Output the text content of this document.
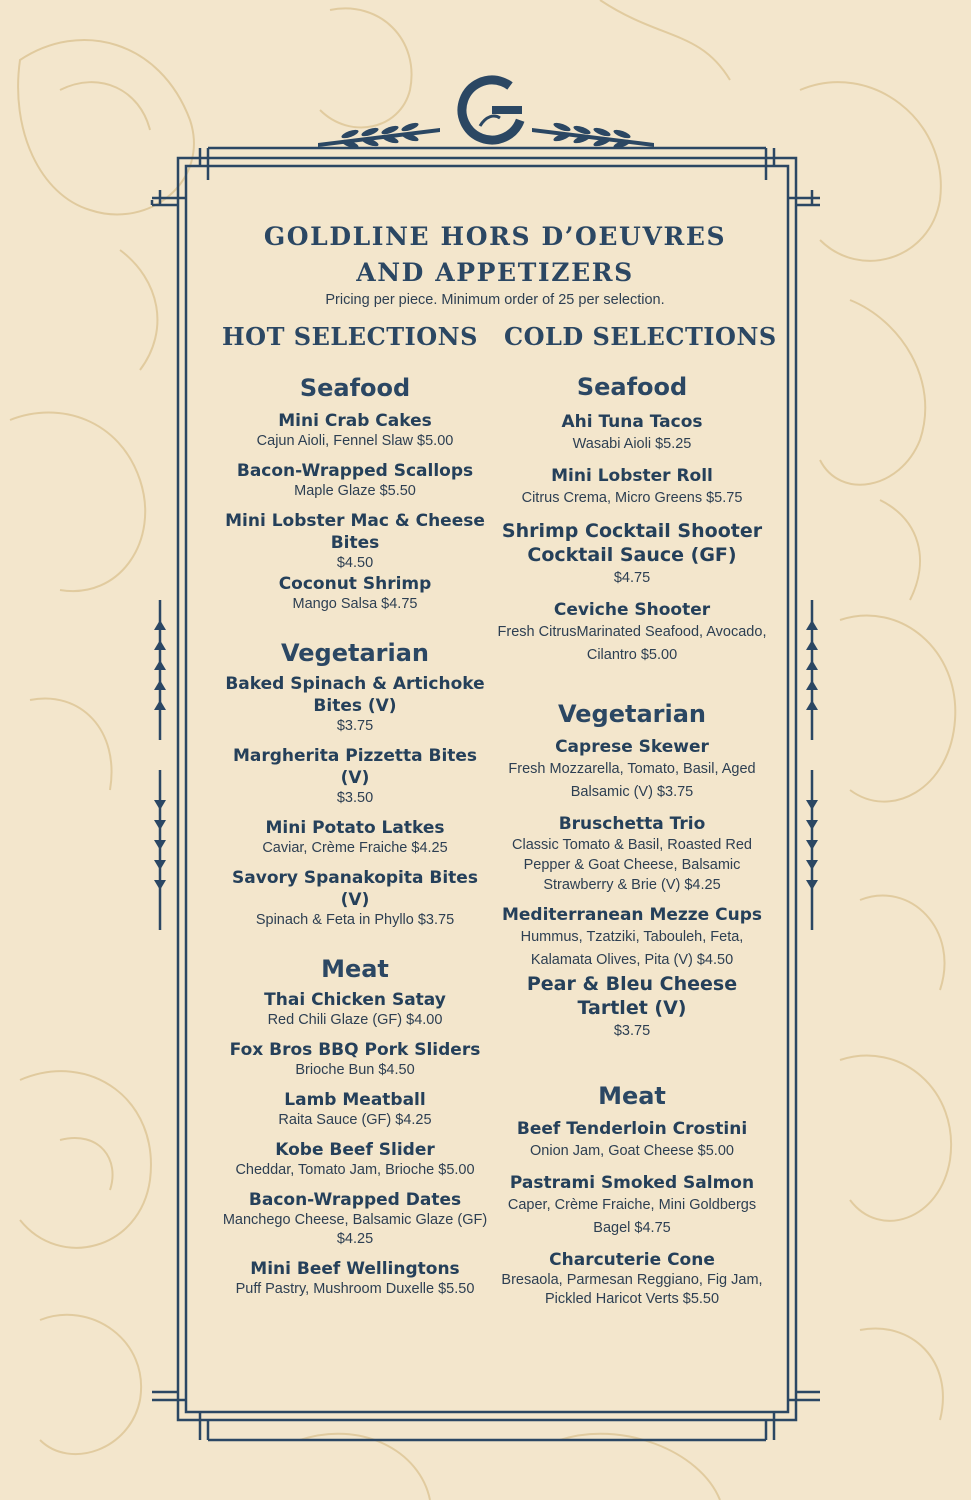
GOLDLINE HORS D’OEUVRES
AND APPETIZERS
Pricing per piece. Minimum order of 25 per selection.
HOT SELECTIONS COLD SELECTIONS
Seafood
Mini Crab Cakes
Cajun Aioli, Fennel Slaw $5.00
Bacon-Wrapped Scallops
Maple Glaze $5.50
Mini Lobster Mac & Cheese Bites
$4.50
Coconut Shrimp
Mango Salsa $4.75
Vegetarian
Baked Spinach & Artichoke Bites (V)
$3.75
Margherita Pizzetta Bites (V)
$3.50
Mini Potato Latkes
Caviar, Crème Fraiche $4.25
Savory Spanakopita Bites (V)
Spinach & Feta in Phyllo $3.75
Meat
Thai Chicken Satay
Red Chili Glaze (GF) $4.00
Fox Bros BBQ Pork Sliders
Brioche Bun $4.50
Lamb Meatball
Raita Sauce (GF) $4.25
Kobe Beef Slider
Cheddar, Tomato Jam, Brioche $5.00
Bacon-Wrapped Dates
Manchego Cheese, Balsamic Glaze (GF) $4.25
Mini Beef Wellingtons
Puff Pastry, Mushroom Duxelle $5.50
Seafood
Ahi Tuna Tacos
Wasabi Aioli $5.25
Mini Lobster Roll
Citrus Crema, Micro Greens $5.75
Shrimp Cocktail Shooter Cocktail Sauce (GF)
$4.75
Ceviche Shooter
Fresh CitrusMarinated Seafood, Avocado, Cilantro $5.00
Vegetarian
Caprese Skewer
Fresh Mozzarella, Tomato, Basil, Aged Balsamic (V) $3.75
Bruschetta Trio
Classic Tomato & Basil, Roasted Red Pepper & Goat Cheese, Balsamic Strawberry & Brie (V) $4.25
Mediterranean Mezze Cups
Hummus, Tzatziki, Tabouleh, Feta, Kalamata Olives, Pita (V) $4.50
Pear & Bleu Cheese Tartlet (V)
$3.75
Meat
Beef Tenderloin Crostini
Onion Jam, Goat Cheese $5.00
Pastrami Smoked Salmon
Caper, Crème Fraiche, Mini Goldbergs Bagel $4.75
Charcuterie Cone
Bresaola, Parmesan Reggiano, Fig Jam, Pickled Haricot Verts $5.50
